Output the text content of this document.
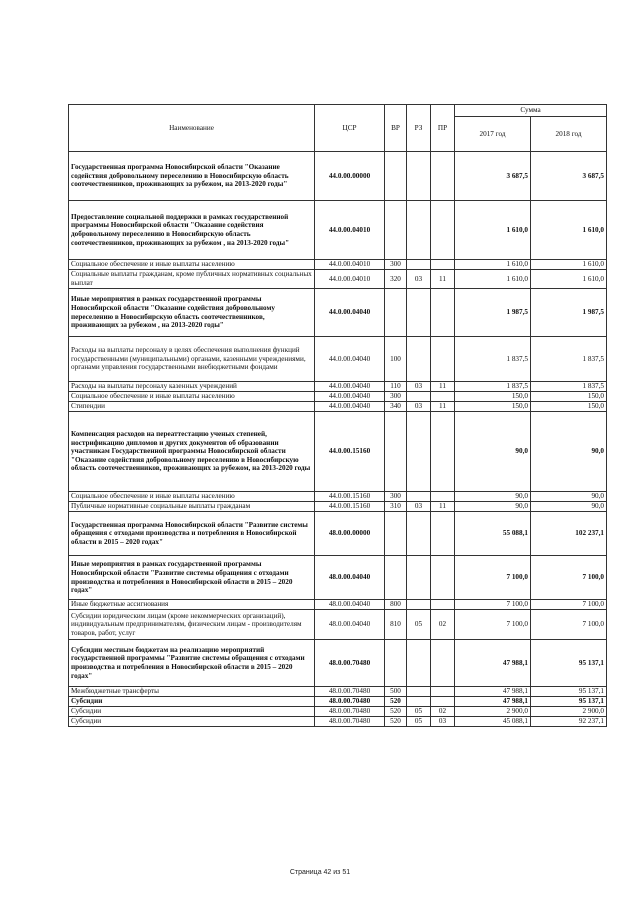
Наименование	ЦСР	ВР	РЗ	ПР	Сумма	
					2017 год	2018 год
Государственная программа Новосибирской области "Оказание содействия добровольному переселению в Новосибирскую область соотечественников, проживающих за рубежом, на 2013-2020 годы"	44.0.00.00000				3 687,5	3 687,5
Предоставление социальной поддержки в рамках государственной программы Новосибирской области "Оказание содействия добровольному переселению в Новосибирскую область соотечественников, проживающих за рубежом , на 2013-2020 годы"	44.0.00.04010				1 610,0	1 610,0
Социальное обеспечение и иные выплаты населению	44.0.00.04010	300			1 610,0	1 610,0
Социальные выплаты гражданам, кроме публичных нормативных социальных выплат	44.0.00.04010	320	03	11	1 610,0	1 610,0
Иные мероприятия в рамках государственной программы Новосибирской области "Оказание содействия добровольному переселению в Новосибирскую область соотечественников, проживающих за рубежом , на 2013-2020 годы"	44.0.00.04040				1 987,5	1 987,5
Расходы на выплаты персоналу в целях обеспечения выполнения функций государственными (муниципальными) органами, казенными учреждениями, органами управления государственными внебюджетными фондами	44.0.00.04040	100			1 837,5	1 837,5
Расходы на выплаты персоналу казенных учреждений	44.0.00.04040	110	03	11	1 837,5	1 837,5
Социальное обеспечение и иные выплаты населению	44.0.00.04040	300			150,0	150,0
Стипендии	44.0.00.04040	340	03	11	150,0	150,0
Компенсация расходов на переаттестацию ученых степеней, нострификацию дипломов и других документов об образовании участникам Государственной программы Новосибирской области "Оказание содействия добровольному переселению в Новосибирскую область соотечественников, проживающих за рубежом, на 2013-2020 годы	44.0.00.15160				90,0	90,0
Социальное обеспечение и иные выплаты населению	44.0.00.15160	300			90,0	90,0
Публичные нормативные социальные выплаты гражданам	44.0.00.15160	310	03	11	90,0	90,0
Государственная программа Новосибирской области "Развитие системы обращения с отходами производства и потребления в Новосибирской области в 2015 – 2020 годах"	48.0.00.00000				55 088,1	102 237,1
Иные мероприятия в рамках государственной программы Новосибирской области "Развитие системы обращения с отходами производства и потребления в Новосибирской области в 2015 – 2020 годах"	48.0.00.04040				7 100,0	7 100,0
Иные бюджетные ассигнования	48.0.00.04040	800			7 100,0	7 100,0
Субсидии юридическим лицам (кроме некоммерческих организаций), индивидуальным предпринимателям, физическим лицам - производителям товаров, работ, услуг	48.0.00.04040	810	05	02	7 100,0	7 100,0
Субсидии местным бюджетам на реализацию мероприятий государственной программы "Развитие системы обращения с отходами производства и потребления в Новосибирской области в 2015 – 2020 годах"	48.0.00.70480				47 988,1	95 137,1
Межбюджетные трансферты	48.0.00.70480	500			47 988,1	95 137,1
Субсидии	48.0.00.70480	520			47 988,1	95 137,1
Субсидии	48.0.00.70480	520	05	02	2 900,0	2 900,0
Субсидии	48.0.00.70480	520	05	03	45 088,1	92 237,1
Страница 42 из 51
